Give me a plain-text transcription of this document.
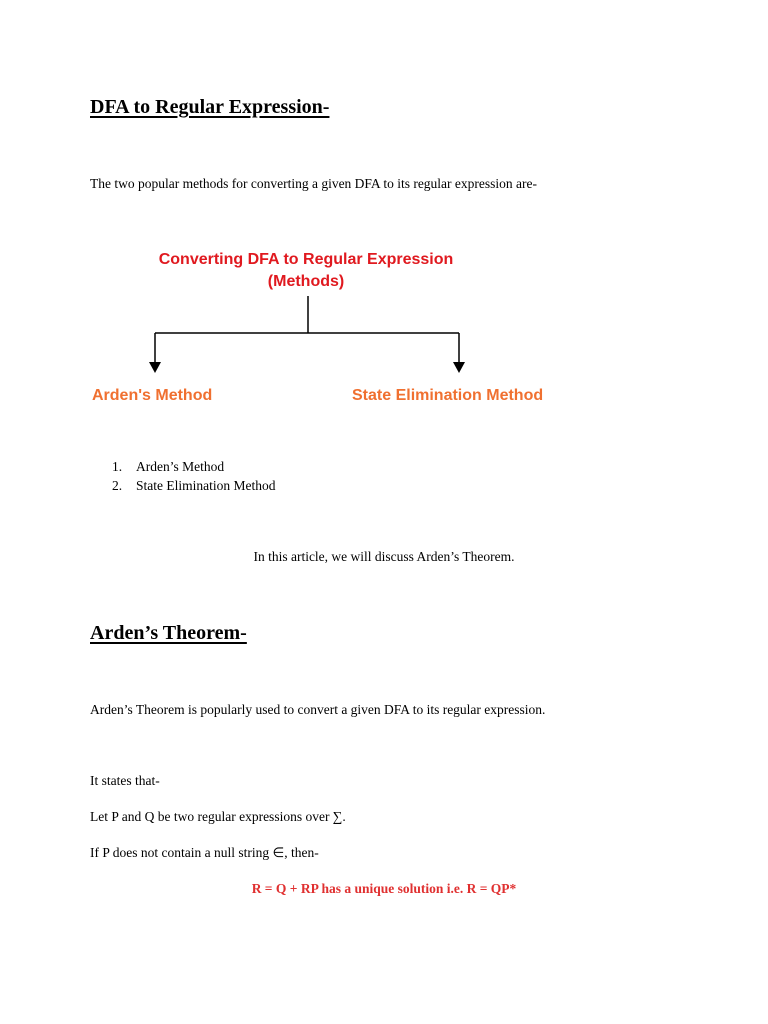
DFA to Regular Expression-
The two popular methods for converting a given DFA to its regular expression are-
Converting DFA to Regular Expression
(Methods)
Arden's Method	State Elimination Method
1. Arden’s Method
2. State Elimination Method
In this article, we will discuss Arden’s Theorem.
Arden’s Theorem-
Arden’s Theorem is popularly used to convert a given DFA to its regular expression.
It states that-
Let P and Q be two regular expressions over ∑.
If P does not contain a null string ∈, then-
R = Q + RP has a unique solution i.e. R = QP*
